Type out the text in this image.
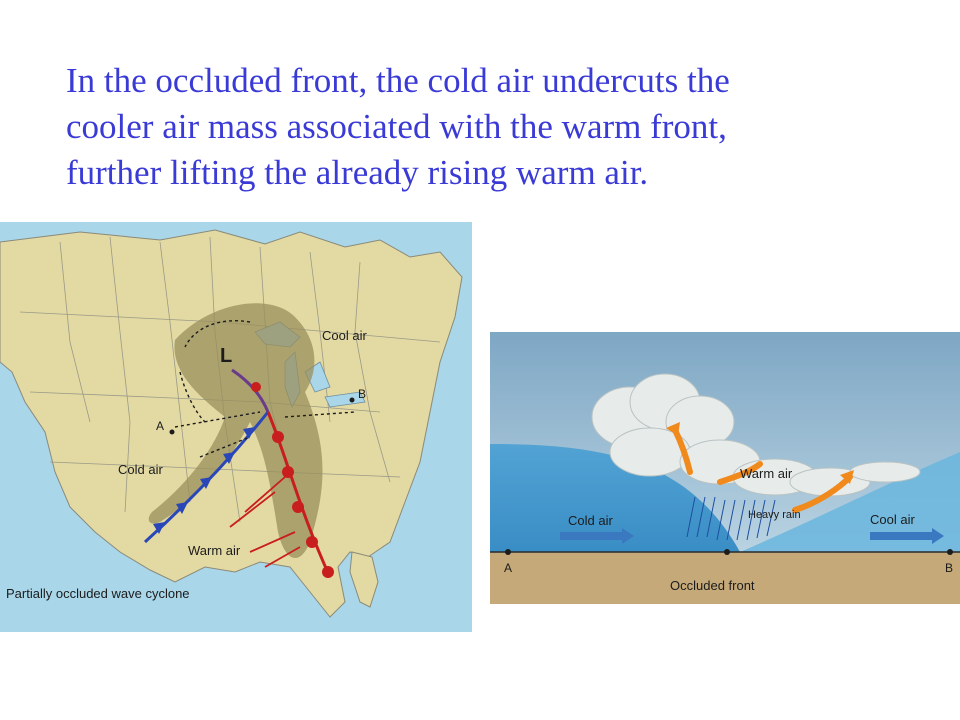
In the occluded front, the cold air undercuts the
cooler air mass associated with the warm front,
further lifting the already rising warm air.

L
Cool air
Cold air
Warm air
A
B
Partially occluded wave cyclone
Warm air
Cold air	Cool air
Heavy rain
A	B
Occluded front
